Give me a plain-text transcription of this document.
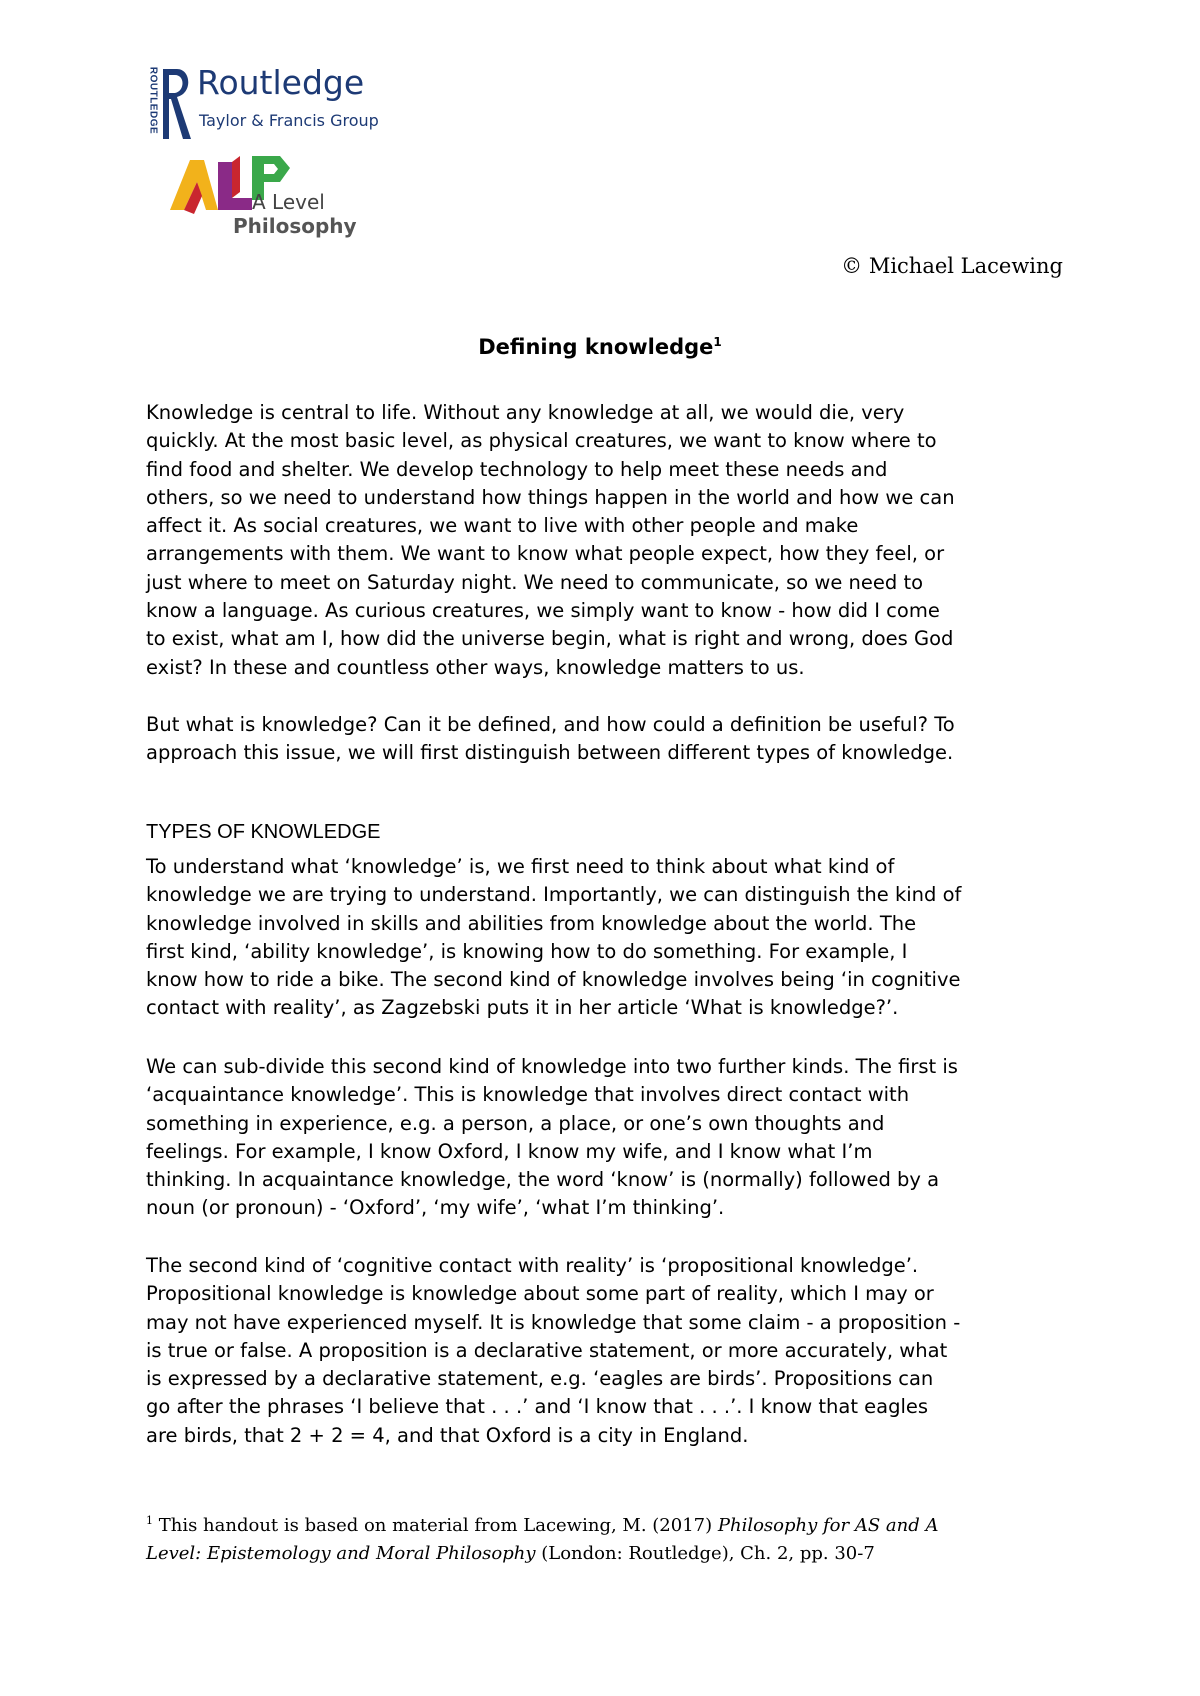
ROUTLEDGE Routledge
Taylor & Francis Group
A Level
Philosophy
© Michael Lacewing
Defining knowledge$^1$

Knowledge is central to life. Without any knowledge at all, we would die, very
quickly. At the most basic level, as physical creatures, we want to know where to
find food and shelter. We develop technology to help meet these needs and
others, so we need to understand how things happen in the world and how we can
affect it. As social creatures, we want to live with other people and make
arrangements with them. We want to know what people expect, how they feel, or
just where to meet on Saturday night. We need to communicate, so we need to
know a language. As curious creatures, we simply want to know - how did I come
to exist, what am I, how did the universe begin, what is right and wrong, does God
exist? In these and countless other ways, knowledge matters to us.

But what is knowledge? Can it be defined, and how could a definition be useful? To
approach this issue, we will first distinguish between different types of knowledge.

TYPES OF KNOWLEDGE

To understand what ‘knowledge’ is, we first need to think about what kind of
knowledge we are trying to understand. Importantly, we can distinguish the kind of
knowledge involved in skills and abilities from knowledge about the world. The
first kind, ‘ability knowledge’, is knowing how to do something. For example, I
know how to ride a bike. The second kind of knowledge involves being ‘in cognitive
contact with reality’, as Zagzebski puts it in her article ‘What is knowledge?’.

We can sub-divide this second kind of knowledge into two further kinds. The first is
‘acquaintance knowledge’. This is knowledge that involves direct contact with
something in experience, e.g. a person, a place, or one’s own thoughts and
feelings. For example, I know Oxford, I know my wife, and I know what I’m
thinking. In acquaintance knowledge, the word ‘know’ is (normally) followed by a
noun (or pronoun) - ‘Oxford’, ‘my wife’, ‘what I’m thinking’.

The second kind of ‘cognitive contact with reality’ is ‘propositional knowledge’.
Propositional knowledge is knowledge about some part of reality, which I may or
may not have experienced myself. It is knowledge that some claim - a proposition -
is true or false. A proposition is a declarative statement, or more accurately, what
is expressed by a declarative statement, e.g. ‘eagles are birds’. Propositions can
go after the phrases ‘I believe that . . .’ and ‘I know that . . .’. I know that eagles
are birds, that 2 + 2 = 4, and that Oxford is a city in England.

$^1$ This handout is based on material from Lacewing, M. (2017) Philosophy for AS and A
Level: Epistemology and Moral Philosophy (London: Routledge), Ch. 2, pp. 30-7
